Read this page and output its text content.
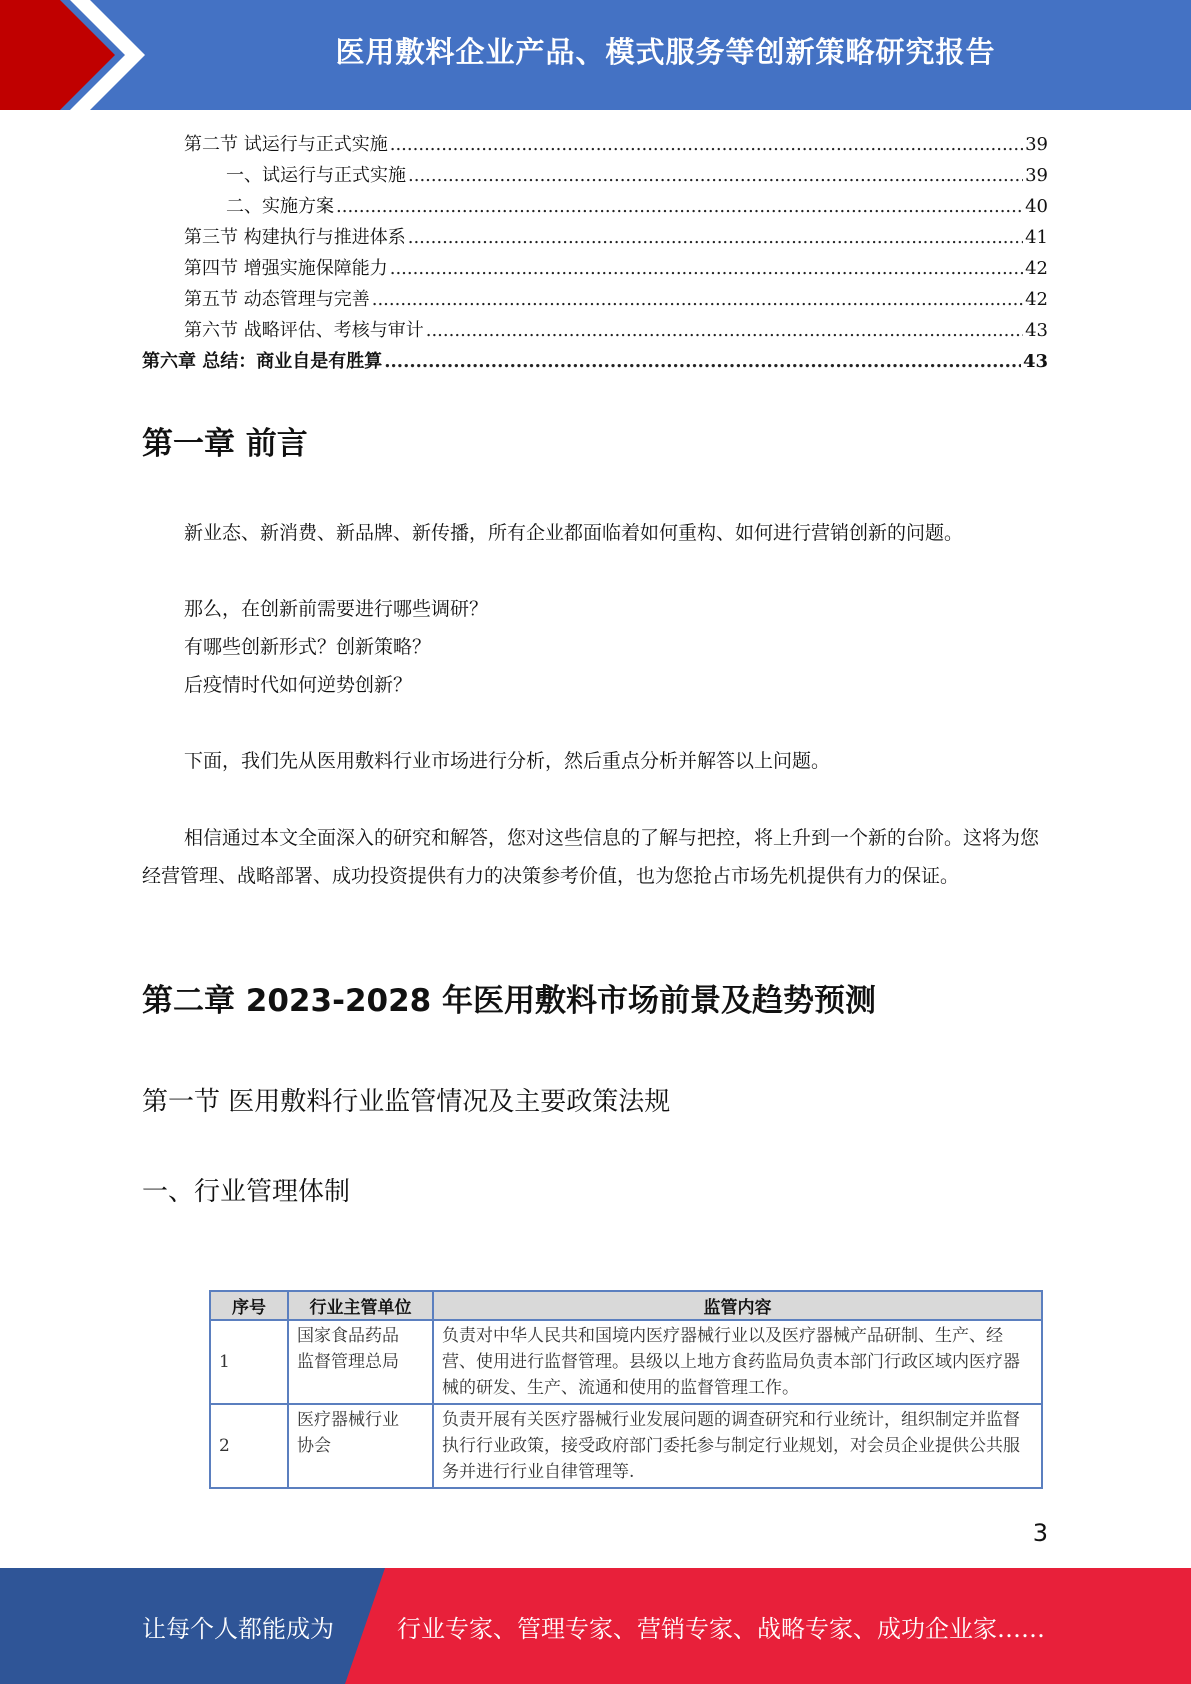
医用敷料企业产品、模式服务等创新策略研究报告
第二节 试运行与正式实施 .....	39
一、试运行与正式实施 .....	39
二、实施方案 .....	40
第三节 构建执行与推进体系 .....	41
第四节 增强实施保障能力 .....	42
第五节 动态管理与完善 .....	42
第六节 战略评估、考核与审计 .....	43
第六章 总结：商业自是有胜算 .....	43
第一章 前言
新业态、新消费、新品牌、新传播，所有企业都面临着如何重构、如何进行营销创新的问题。
那么，在创新前需要进行哪些调研？
有哪些创新形式？创新策略？
后疫情时代如何逆势创新？
下面，我们先从医用敷料行业市场进行分析，然后重点分析并解答以上问题。
相信通过本文全面深入的研究和解答，您对这些信息的了解与把控，将上升到一个新的台阶。这将为您经营管理、战略部署、成功投资提供有力的决策参考价值，也为您抢占市场先机提供有力的保证。
第二章 2023-2028 年医用敷料市场前景及趋势预测
第一节 医用敷料行业监管情况及主要政策法规
一、行业管理体制
序号	行业主管单位	监管内容
1	国家食品药品
监督管理总局	负责对中华人民共和国境内医疗器械行业以及医疗器械产品研制、生产、经营、使用进行监督管理。县级以上地方食药监局负责本部门行政区域内医疗器械的研发、生产、流通和使用的监督管理工作。
2	医疗器械行业
协会	负责开展有关医疗器械行业发展问题的调查研究和行业统计，组织制定并监督执行行业政策，接受政府部门委托参与制定行业规划，对会员企业提供公共服务并进行行业自律管理等.
3
让每个人都能成为	行业专家、管理专家、营销专家、战略专家、成功企业家……
